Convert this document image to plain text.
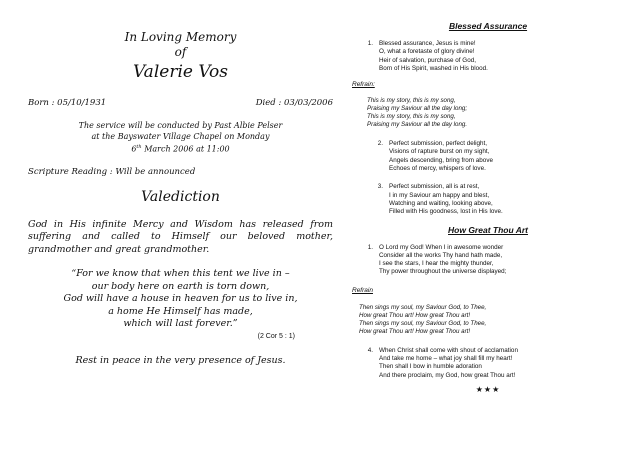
In Loving Memory
of
Valerie Vos
Born : 05/10/1931	Died : 03/03/2006
The service will be conducted by Past Albie Pelser
at the Bayswater Village Chapel on Monday
6th March 2006 at 11:00
Scripture Reading : Will be announced
Valediction
God in His infinite Mercy and Wisdom has released from suffering and called to Himself our beloved mother, grandmother and great grandmother.
“For we know that when this tent we live in –
our body here on earth is torn down,
God will have a house in heaven for us to live in,
a home He Himself has made,
which will last forever.”
(2 Cor 5 : 1)
Rest in peace in the very presence of Jesus.
Blessed Assurance
1. Blessed assurance, Jesus is mine!
O, what a foretaste of glory divine!
Heir of salvation, purchase of God,
Born of His Spirit, washed in His blood.
Refrain:
This is my story, this is my song,
Praising my Saviour all the day long;
This is my story, this is my song,
Praising my Saviour all the day long.
2. Perfect submission, perfect delight,
Visions of rapture burst on my sight,
Angels descending, bring from above
Echoes of mercy, whispers of love.
3. Perfect submission, all is at rest,
I in my Saviour am happy and blest,
Watching and waiting, looking above,
Filled with His goodness, lost in His love.
How Great Thou Art
1. O Lord my God! When I in awesome wonder
Consider all the works Thy hand hath made,
I see the stars, I hear the mighty thunder,
Thy power throughout the universe displayed;
Refrain
Then sings my soul, my Saviour God, to Thee,
How great Thou art! How great Thou art!
Then sings my soul, my Saviour God, to Thee,
How great Thou art! How great Thou art!
4. When Christ shall come with shout of acclamation
And take me home – what joy shall fill my heart!
Then shall I bow in humble adoration
And there proclaim, my God, how great Thou art!
★★★
